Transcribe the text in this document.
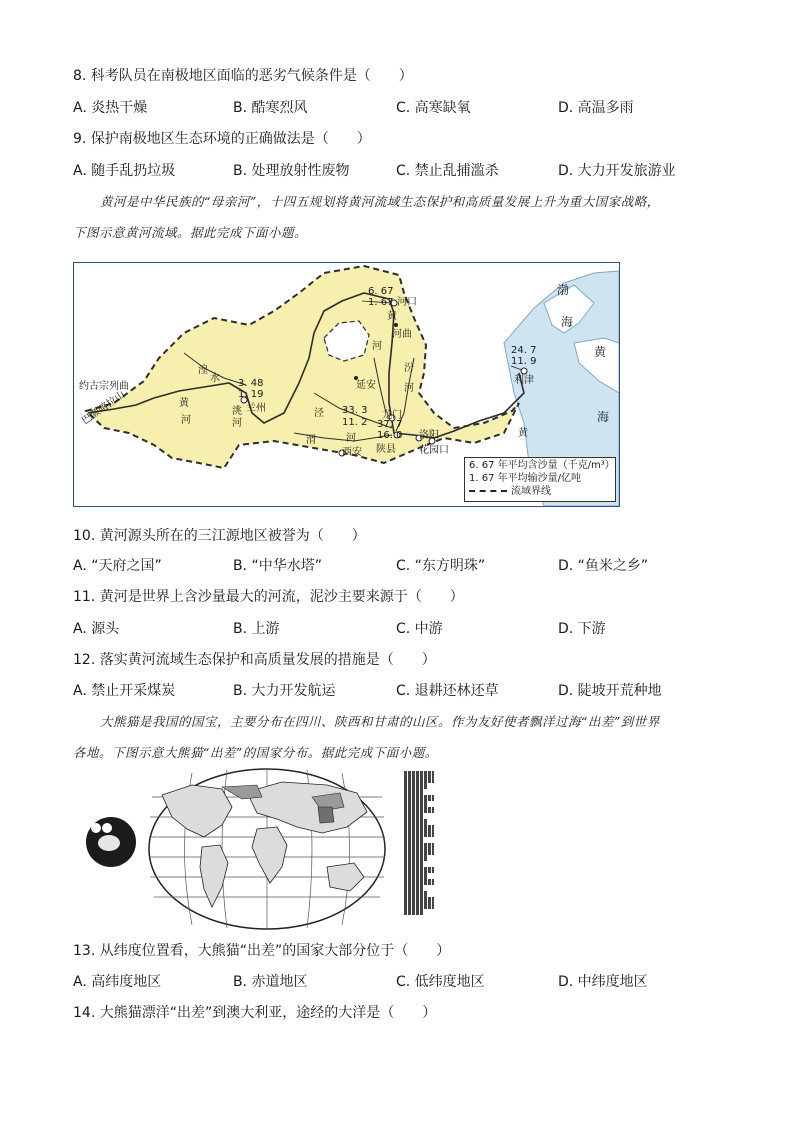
8. 科考队员在南极地区面临的恶劣气候条件是（　　）
A. 炎热干燥	B. 酷寒烈风	C. 高寒缺氧	D. 高温多雨
9. 保护南极地区生态环境的正确做法是（　　）
A. 随手乱扔垃圾	B. 处理放射性废物	C. 禁止乱捕滥杀	D. 大力开发旅游业
黄河是中华民族的“母亲河”，十四五规划将黄河流域生态保护和高质量发展上升为重大国家战略，
下图示意黄河流域。据此完成下面小题。
渤
海
黄
海
约古宗列曲
巴颜喀拉山
湟
水
兰州
洮
河
黄
河
泾
渭	河
延安
龙门
西安 陕县
洛阳
花园口
河口
河曲
利津
黄
河
汾
河
黄
6. 67
1. 67
3. 48
1. 19
33. 3
11. 2 37. 7
16. 0
24. 7
11. 9
6. 67 年平均含沙量（千克/m³）
1. 67 年平均输沙量/亿吨
流域界线
10. 黄河源头所在的三江源地区被誉为（　　）
A. “天府之国”	B. “中华水塔”	C. “东方明珠”	D. “鱼米之乡”
11. 黄河是世界上含沙量最大的河流，泥沙主要来源于（　　）
A. 源头	B. 上游	C. 中游	D. 下游
12. 落实黄河流域生态保护和高质量发展的措施是（　　）
A. 禁止开采煤炭	B. 大力开发航运	C. 退耕还林还草	D. 陡坡开荒种地
大熊猫是我国的国宝，主要分布在四川、陕西和甘肃的山区。作为友好使者飘洋过海“出差”到世界
各地。下图示意大熊猫“出差”的国家分布。据此完成下面小题。
13. 从纬度位置看，大熊猫“出差”的国家大部分位于（　　）
A. 高纬度地区	B. 赤道地区	C. 低纬度地区	D. 中纬度地区
14. 大熊猫漂洋“出差”到澳大利亚，途经的大洋是（　　）
